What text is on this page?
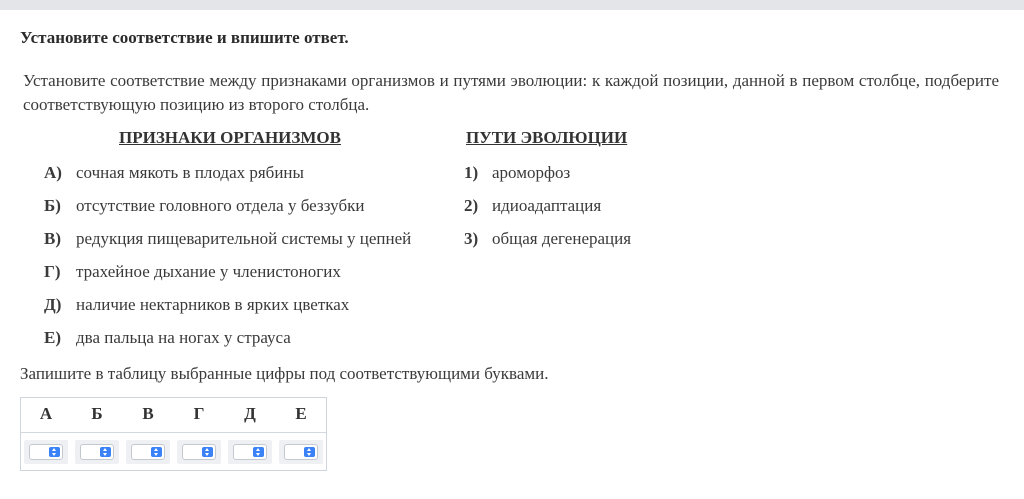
Установите соответствие и впишите ответ.
Установите соответствие между признаками организмов и путями эволюции: к каждой позиции, данной в первом столбце, подберите соответствующую позицию из второго столбца.
ПРИЗНАКИ ОРГАНИЗМОВ	ПУТИ ЭВОЛЮЦИИ
А) сочная мякоть в плодах рябины
Б) отсутствие головного отдела у беззубки
В) редукция пищеварительной системы у цепней
Г) трахейное дыхание у членистоногих
Д) наличие нектарников в ярких цветках
Е) два пальца на ногах у страуса
1) ароморфоз
2) идиоадаптация
3) общая дегенерация
Запишите в таблицу выбранные цифры под соответствующими буквами.
А	Б	В	Г	Д	Е
